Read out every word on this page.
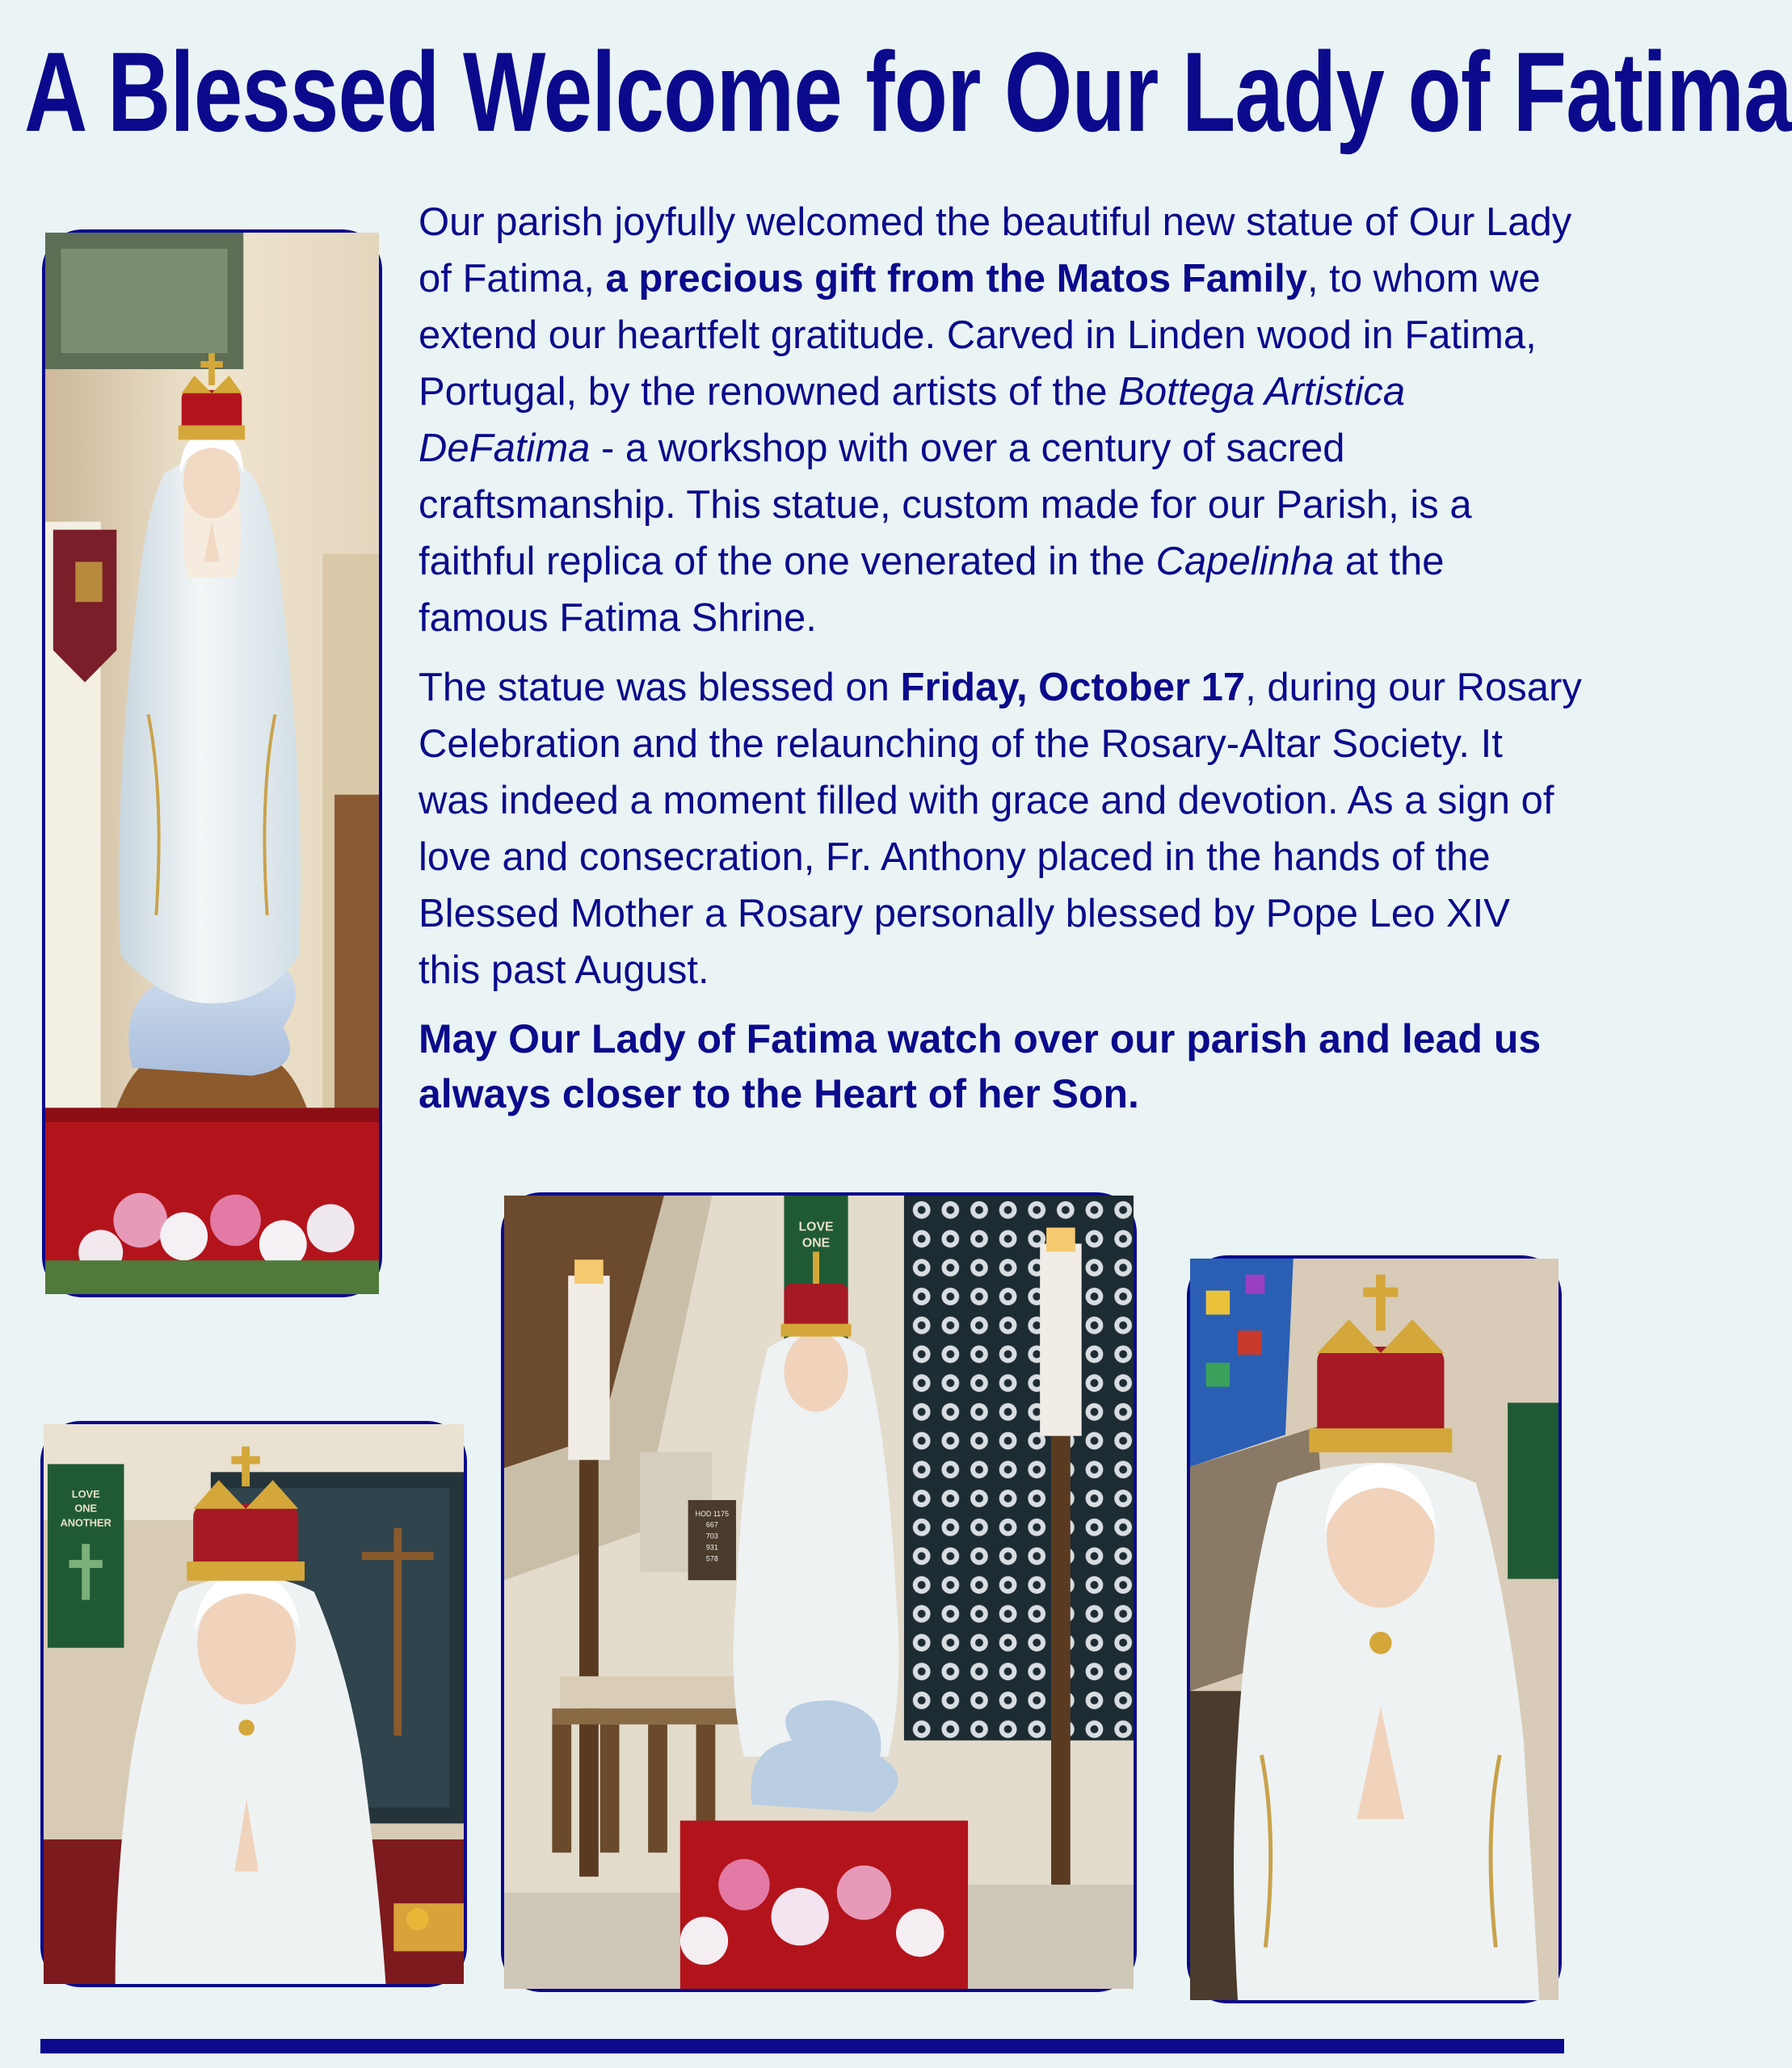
A Blessed Welcome for Our Lady of Fatima

Our parish joyfully welcomed the beautiful new statue of Our Lady of Fatima, a precious gift from the Matos Family, to whom we extend our heartfelt gratitude. Carved in Linden wood in Fatima, Portugal, by the renowned artists of the Bottega Artistica DeFatima - a workshop with over a century of sacred craftsmanship. This statue, custom made for our Parish, is a faithful replica of the one venerated in the Capelinha at the famous Fatima Shrine.

The statue was blessed on Friday, October 17, during our Rosary Celebration and the relaunching of the Rosary-Altar Society. It was indeed a moment filled with grace and devotion. As a sign of love and consecration, Fr. Anthony placed in the hands of the Blessed Mother a Rosary personally blessed by Pope Leo XIV this past August.

May Our Lady of Fatima watch over our parish and lead us always closer to the Heart of her Son.

LOVE
ONE
ANOTHER
LOVE
ONE
HOD 1175
667
703
931
578
